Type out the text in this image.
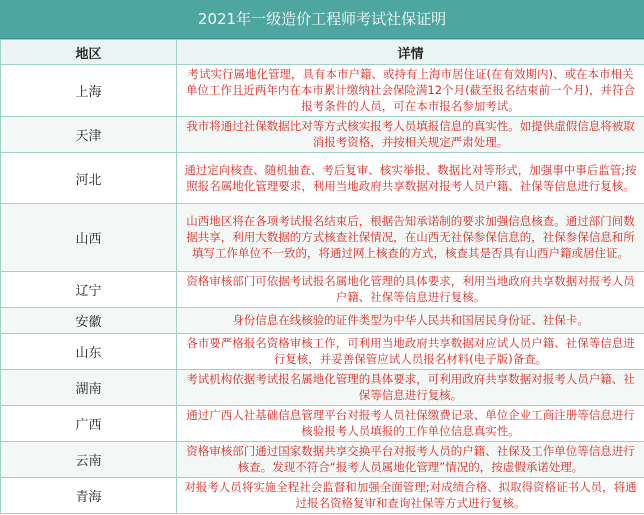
2021年一级造价工程师考试社保证明
地区	详情
上海	考试实行属地化管理，具有本市户籍、或持有上海市居住证(在有效期内)、或在本市相关单位工作且近两年内在本市累计缴纳社会保险满12个月(截至报名结束前一个月)，并符合报考条件的人员，可在本市报名参加考试。
天津	我市将通过社保数据比对等方式核实报考人员填报信息的真实性。如提供虚假信息将被取消报考资格，并按相关规定严肃处理。
河北	通过定向核查、随机抽查、考后复审、核实举报、数据比对等形式，加强事中事后监管;按照报名属地化管理要求，利用当地政府共享数据对报考人员户籍、社保等信息进行复核。
山西	山西地区将在各项考试报名结束后，根据告知承诺制的要求加强信息核查。通过部门间数据共享，利用大数据的方式核查社保情况，在山西无社保参保信息的，社保参保信息和所填写工作单位不一致的，将通过网上核查的方式，核查其是否具有山西户籍或居住证。
辽宁	资格审核部门可依据考试报名属地化管理的具体要求，利用当地政府共享数据对报考人员户籍、社保等信息进行复核。
安徽	身份信息在线核验的证件类型为中华人民共和国居民身份证、社保卡。
山东	各市要严格报名资格审核工作，可利用当地政府共享数据对应试人员户籍、社保等信息进行复核，并妥善保管应试人员报名材料(电子版)备查。
湖南	考试机构依据考试报名属地化管理的具体要求，可利用政府共享数据对报考人员户籍、社保等信息进行复核。
广西	通过广西人社基础信息管理平台对报考人员社保缴费记录、单位企业工商注册等信息进行核验报考人员填报的工作单位信息真实性。
云南	资格审核部门通过国家数据共享交换平台对报考人员的户籍、社保及工作单位等信息进行核查。发现不符合“报考人员属地化管理”情况的，按虚假承诺处理。
青海	对报考人员将实施全程社会监督和加强全面管理;对成绩合格、拟取得资格证书人员，将通过报名资格复审和查询社保等方式进行复核。
